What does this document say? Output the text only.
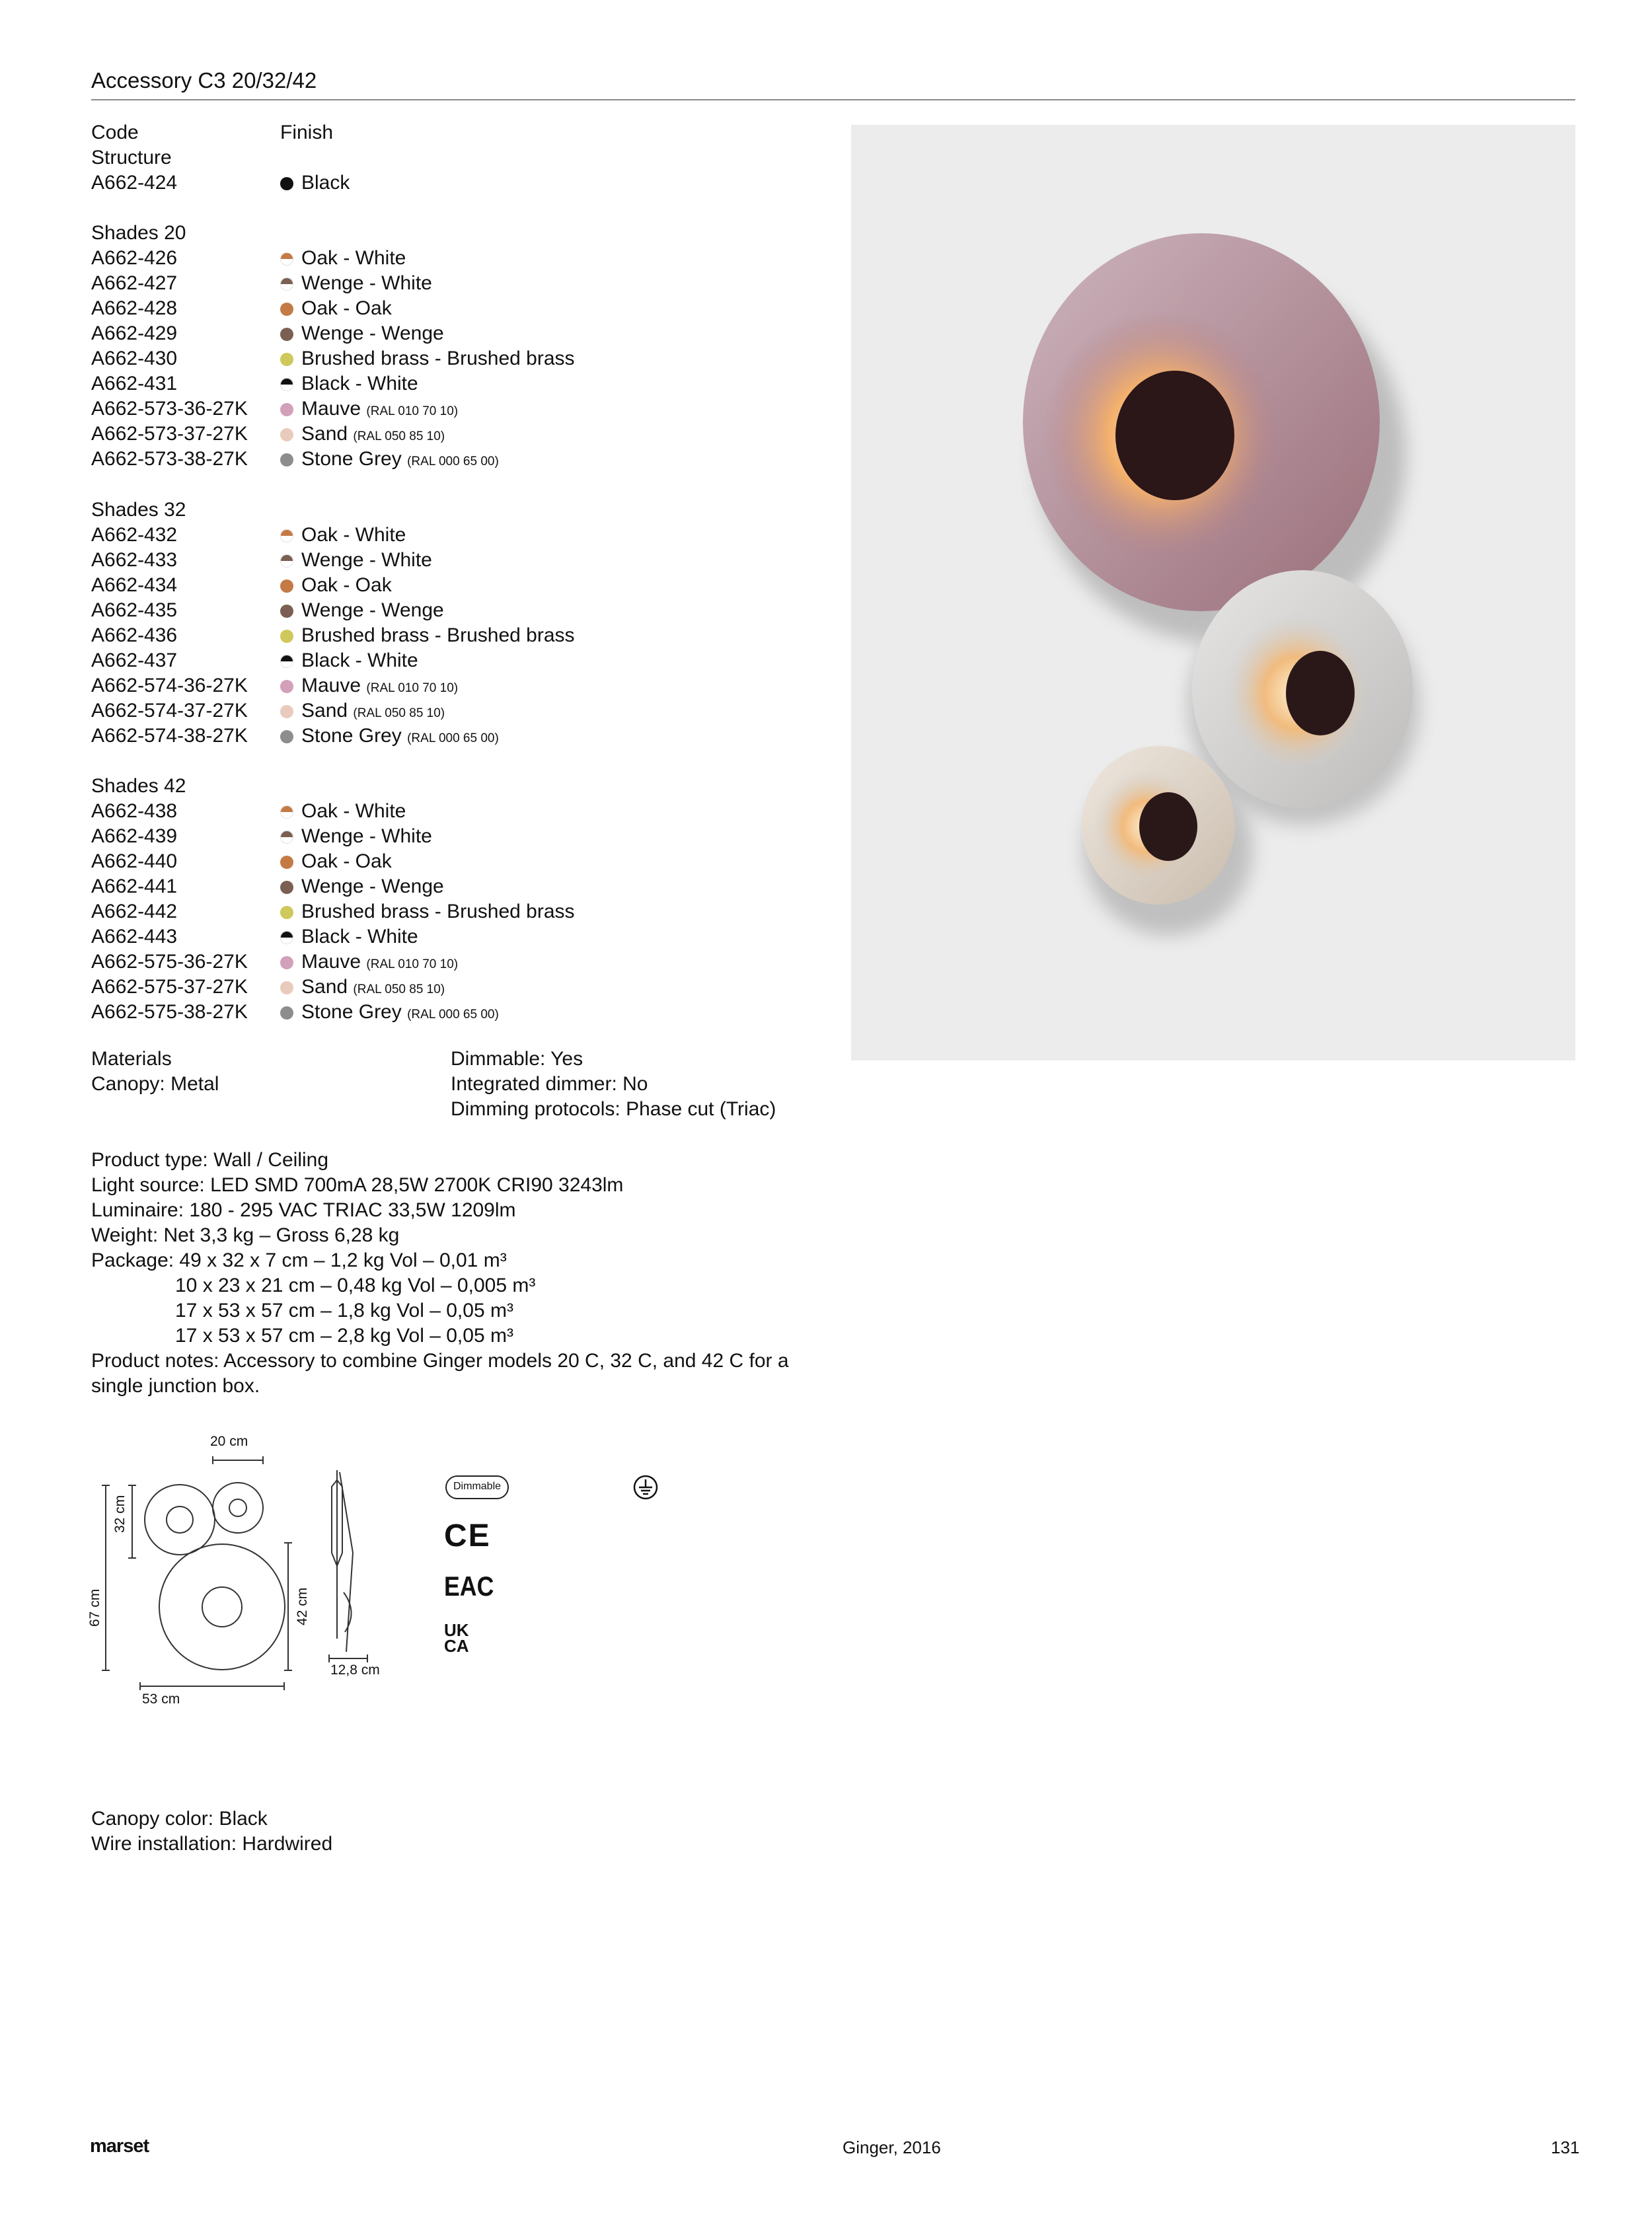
Accessory C3 20/32/42
Code	Finish
Structure
A662-424	Black
Shades 20
A662-426	Oak - White
A662-427	Wenge - White
A662-428	Oak - Oak
A662-429	Wenge - Wenge
A662-430	Brushed brass - Brushed brass
A662-431	Black - White
A662-573-36-27K	Mauve (RAL 010 70 10)
A662-573-37-27K	Sand (RAL 050 85 10)
A662-573-38-27K	Stone Grey (RAL 000 65 00)
Shades 32
A662-432	Oak - White
A662-433	Wenge - White
A662-434	Oak - Oak
A662-435	Wenge - Wenge
A662-436	Brushed brass - Brushed brass
A662-437	Black - White
A662-574-36-27K	Mauve (RAL 010 70 10)
A662-574-37-27K	Sand (RAL 050 85 10)
A662-574-38-27K	Stone Grey (RAL 000 65 00)
Shades 42
A662-438	Oak - White
A662-439	Wenge - White
A662-440	Oak - Oak
A662-441	Wenge - Wenge
A662-442	Brushed brass - Brushed brass
A662-443	Black - White
A662-575-36-27K	Mauve (RAL 010 70 10)
A662-575-37-27K	Sand (RAL 050 85 10)
A662-575-38-27K	Stone Grey (RAL 000 65 00)
Materials
Canopy: Metal
Dimmable: Yes
Integrated dimmer: No
Dimming protocols: Phase cut (Triac)
Product type: Wall / Ceiling
Light source: LED SMD 700mA 28,5W 2700K CRI90 3243lm
Luminaire: 180 - 295 VAC TRIAC 33,5W 1209lm
Weight: Net 3,3 kg – Gross 6,28 kg
Package: 49 x 32 x 7 cm – 1,2 kg Vol – 0,01 m³
10 x 23 x 21 cm – 0,48 kg Vol – 0,005 m³
17 x 53 x 57 cm – 1,8 kg Vol – 0,05 m³
17 x 53 x 57 cm – 2,8 kg Vol – 0,05 m³
Product notes: Accessory to combine Ginger models 20 C, 32 C, and 42 C for a
single junction box.
20 cm
32 cm
67 cm	42 cm
53 cm
12,8 cm
Dimmable
CE
EAC
UK
CA
Canopy color: Black
Wire installation: Hardwired
marset	Ginger, 2016	131
